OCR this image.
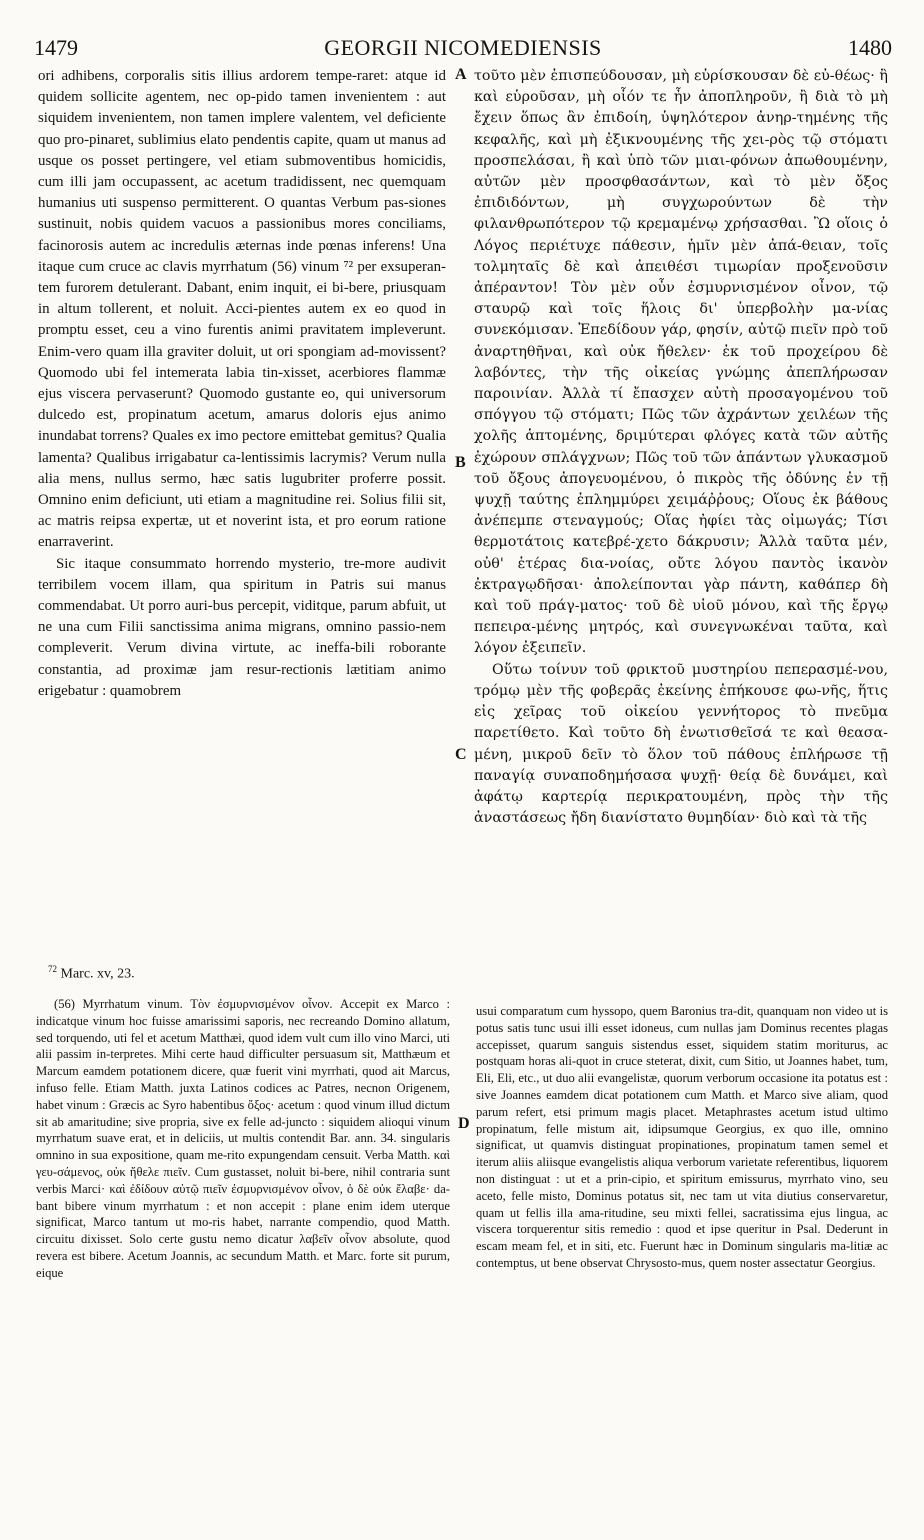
1479	GEORGII NICOMEDIENSIS	1480

ori adhibens, corporalis sitis illius ardorem tempe-raret: atque id quidem sollicite agentem, nec op-pido tamen invenientem : aut siquidem invenientem, non tamen implere valentem, vel deficiente quo pro-pinaret, sublimius elato pendentis capite, quam ut manus ad usque os posset pertingere, vel etiam submoventibus homicidis, cum illi jam occupassent, ac acetum tradidissent, nec quemquam humanius uti suspenso permitterent. O quantas Verbum pas-siones sustinuit, nobis quidem vacuos a passionibus mores conciliams, facinorosis autem ac incredulis æternas inde pœnas inferens! Una itaque cum cruce ac clavis myrrhatum (56) vinum ⁷² per exsuperan-tem furorem detulerant. Dabant, enim inquit, ei bi-bere, priusquam in altum tollerent, et noluit. Acci-pientes autem ex eo quod in promptu esset, ceu a vino furentis animi pravitatem impleverunt. Enim-vero quam illa graviter doluit, ut ori spongiam ad-movissent? Quomodo ubi fel intemerata labia tin-xisset, acerbiores flammæ ejus viscera pervaserunt? Quomodo gustante eo, qui universorum dulcedo est, propinatum acetum, amarus doloris ejus animo inundabat torrens? Quales ex imo pectore emittebat gemitus? Qualia lamenta? Qualibus irrigabatur ca-lentissimis lacrymis? Verum nulla alia mens, nullus sermo, hæc satis lugubriter proferre possit. Omnino enim deficiunt, uti etiam a magnitudine rei. Solius filii sit, ac matris reipsa expertæ, ut et noverint ista, et pro eorum ratione enarraverint.

Sic itaque consummato horrendo mysterio, tre-more audivit terribilem vocem illam, qua spiritum in Patris sui manus commendabat. Ut porro auri-bus percepit, viditque, parum abfuit, ut ne una cum Filii sanctissima anima migrans, omnino passio-nem compleverit. Verum divina virtute, ac ineffa-bili roborante constantia, ad proximæ jam resur-rectionis lætitiam animo erigebatur : quamobrem

A
B
C
D

τοῦτο μὲν ἐπισπεύδουσαν, μὴ εὑρίσκουσαν δὲ εὐ-θέως· ἢ καὶ εὑροῦσαν, μὴ οἷόν τε ἦν ἀποπληροῦν, ἢ διὰ τὸ μὴ ἔχειν ὅπως ἂν ἐπιδοίη, ὑψηλότερον ἀνηρ-τημένης τῆς κεφαλῆς, καὶ μὴ ἐξικνουμένης τῆς χει-ρὸς τῷ στόματι προσπελάσαι, ἢ καὶ ὑπὸ τῶν μιαι-φόνων ἀπωθουμένην, αὐτῶν μὲν προσφθασάντων, καὶ τὸ μὲν ὄξος ἐπιδιδόντων, μὴ συγχωρούντων δὲ τὴν φιλανθρωπότερον τῷ κρεμαμένῳ χρήσασθαι. Ὢ οἵοις ὁ Λόγος περιέτυχε πάθεσιν, ἡμῖν μὲν ἀπά-θειαν, τοῖς τολμηταῖς δὲ καὶ ἀπειθέσι τιμωρίαν προξενοῦσιν ἀπέραντον! Τὸν μὲν οὖν ἐσμυρνισμένον οἶνον, τῷ σταυρῷ καὶ τοῖς ἥλοις δι' ὑπερβολὴν μα-νίας συνεκόμισαν. Ἐπεδίδουν γάρ, φησίν, αὐτῷ πιεῖν πρὸ τοῦ ἀναρτηθῆναι, καὶ οὐκ ἤθελεν· ἐκ τοῦ προχείρου δὲ λαβόντες, τὴν τῆς οἰκείας γνώμης ἀπεπλήρωσαν παροινίαν. Ἀλλὰ τί ἔπασχεν αὐτὴ προσαγομένου τοῦ σπόγγου τῷ στόματι; Πῶς τῶν ἀχράντων χειλέων τῆς χολῆς ἁπτομένης, δριμύτεραι φλόγες κατὰ τῶν αὐτῆς ἐχώρουν σπλάγχνων; Πῶς τοῦ τῶν ἁπάντων γλυκασμοῦ τοῦ ὄξους ἀπογευομένου, ὁ πικρὸς τῆς ὀδύνης ἐν τῇ ψυχῇ ταύτης ἐπλημμύρει χειμάῤῥους; Οἵους ἐκ βάθους ἀνέπεμπε στεναγμούς; Οἵας ἠφίει τὰς οἰμωγάς; Τίσι θερμοτάτοις κατεβρέ-χετο δάκρυσιν; Ἀλλὰ ταῦτα μέν, οὐθ' ἑτέρας δια-νοίας, οὔτε λόγου παντὸς ἱκανὸν ἐκτραγῳδῆσαι· ἀπολείπονται γὰρ πάντη, καθάπερ δὴ καὶ τοῦ πράγ-ματος· τοῦ δὲ υἱοῦ μόνου, καὶ τῆς ἔργῳ πεπειρα-μένης μητρός, καὶ συνεγνωκέναι ταῦτα, καὶ λόγον ἐξειπεῖν.

Οὕτω τοίνυν τοῦ φρικτοῦ μυστηρίου πεπερασμέ-νου, τρόμῳ μὲν τῆς φοβερᾶς ἐκείνης ἐπήκουσε φω-νῆς, ἥτις εἰς χεῖρας τοῦ οἰκείου γεννήτορος τὸ πνεῦμα παρετίθετο. Καὶ τοῦτο δὴ ἐνωτισθεῖσά τε καὶ θεασα-μένη, μικροῦ δεῖν τὸ ὅλον τοῦ πάθους ἐπλήρωσε τῇ παναγίᾳ συναποδημήσασα ψυχῇ· θείᾳ δὲ δυνάμει, καὶ ἀφάτῳ καρτερίᾳ περικρατουμένη, πρὸς τὴν τῆς ἀναστάσεως ἤδη διανίστατο θυμηδίαν· διὸ καὶ τὰ τῆς

$^{72}$ Marc. xv, 23.

(56) Myrrhatum vinum. Τὸν ἐσμυρνισμένον οἶνον. Accepit ex Marco : indicatque vinum hoc fuisse amarissimi saporis, nec recreando Domino allatum, sed torquendo, uti fel et acetum Matthæi, quod idem vult cum illo vino Marci, uti alii passim in-terpretes. Mihi certe haud difficulter persuasum sit, Matthæum et Marcum eamdem potationem dicere, quæ fuerit vini myrrhati, quod ait Marcus, infuso felle. Etiam Matth. juxta Latinos codices ac Patres, necnon Origenem, habet vinum : Græcis ac Syro habentibus ὄξος· acetum : quod vinum illud dictum sit ab amaritudine; sive propria, sive ex felle ad-juncto : siquidem alioqui vinum myrrhatum suave erat, et in deliciis, ut multis contendit Bar. ann. 34. singularis omnino in sua expositione, quam me-rito expungendam censuit. Verba Matth. καὶ γευ-σάμενος, οὐκ ἤθελε πιεῖν. Cum gustasset, noluit bi-bere, nihil contraria sunt verbis Marci· καὶ ἐδίδουν αὐτῷ πιεῖν ἐσμυρνισμένον οἶνον, ὁ δὲ οὐκ ἔλαβε· da-bant bibere vinum myrrhatum : et non accepit : plane enim idem uterque significat, Marco tantum ut mo-ris habet, narrante compendio, quod Matth. circuitu dixisset. Solo certe gustu nemo dicatur λαβεῖν οἶνον absolute, quod revera est bibere. Acetum Joannis, ac secundum Matth. et Marc. forte sit purum, eique

usui comparatum cum hyssopo, quem Baronius tra-dit, quanquam non video ut is potus satis tunc usui illi esset idoneus, cum nullas jam Dominus recentes plagas accepisset, quarum sanguis sistendus esset, siquidem statim moriturus, ac postquam horas ali-quot in cruce steterat, dixit, cum Sitio, ut Joannes habet, tum, Eli, Eli, etc., ut duo alii evangelistæ, quorum verborum occasione ita potatus est : sive Joannes eamdem dicat potationem cum Matth. et Marco sive aliam, quod parum refert, etsi primum magis placet. Metaphrastes acetum istud ultimo propinatum, felle mistum ait, idipsumque Georgius, ex quo ille, omnino significat, ut quamvis distinguat propinationes, propinatum tamen semel et iterum aliis aliisque evangelistis aliqua verborum varietate referentibus, liquorem non distinguat : ut et a prin-cipio, et spiritum emissurus, myrrhato vino, seu aceto, felle misto, Dominus potatus sit, nec tam ut vita diutius conservaretur, quam ut fellis illa ama-ritudine, seu mixti fellei, sacratissima ejus lingua, ac viscera torquerentur sitis remedio : quod et ipse queritur in Psal. Dederunt in escam meam fel, et in siti, etc. Fuerunt hæc in Dominum singularis ma-litiæ ac contemptus, ut bene observat Chrysosto-mus, quem noster assectatur Georgius.
